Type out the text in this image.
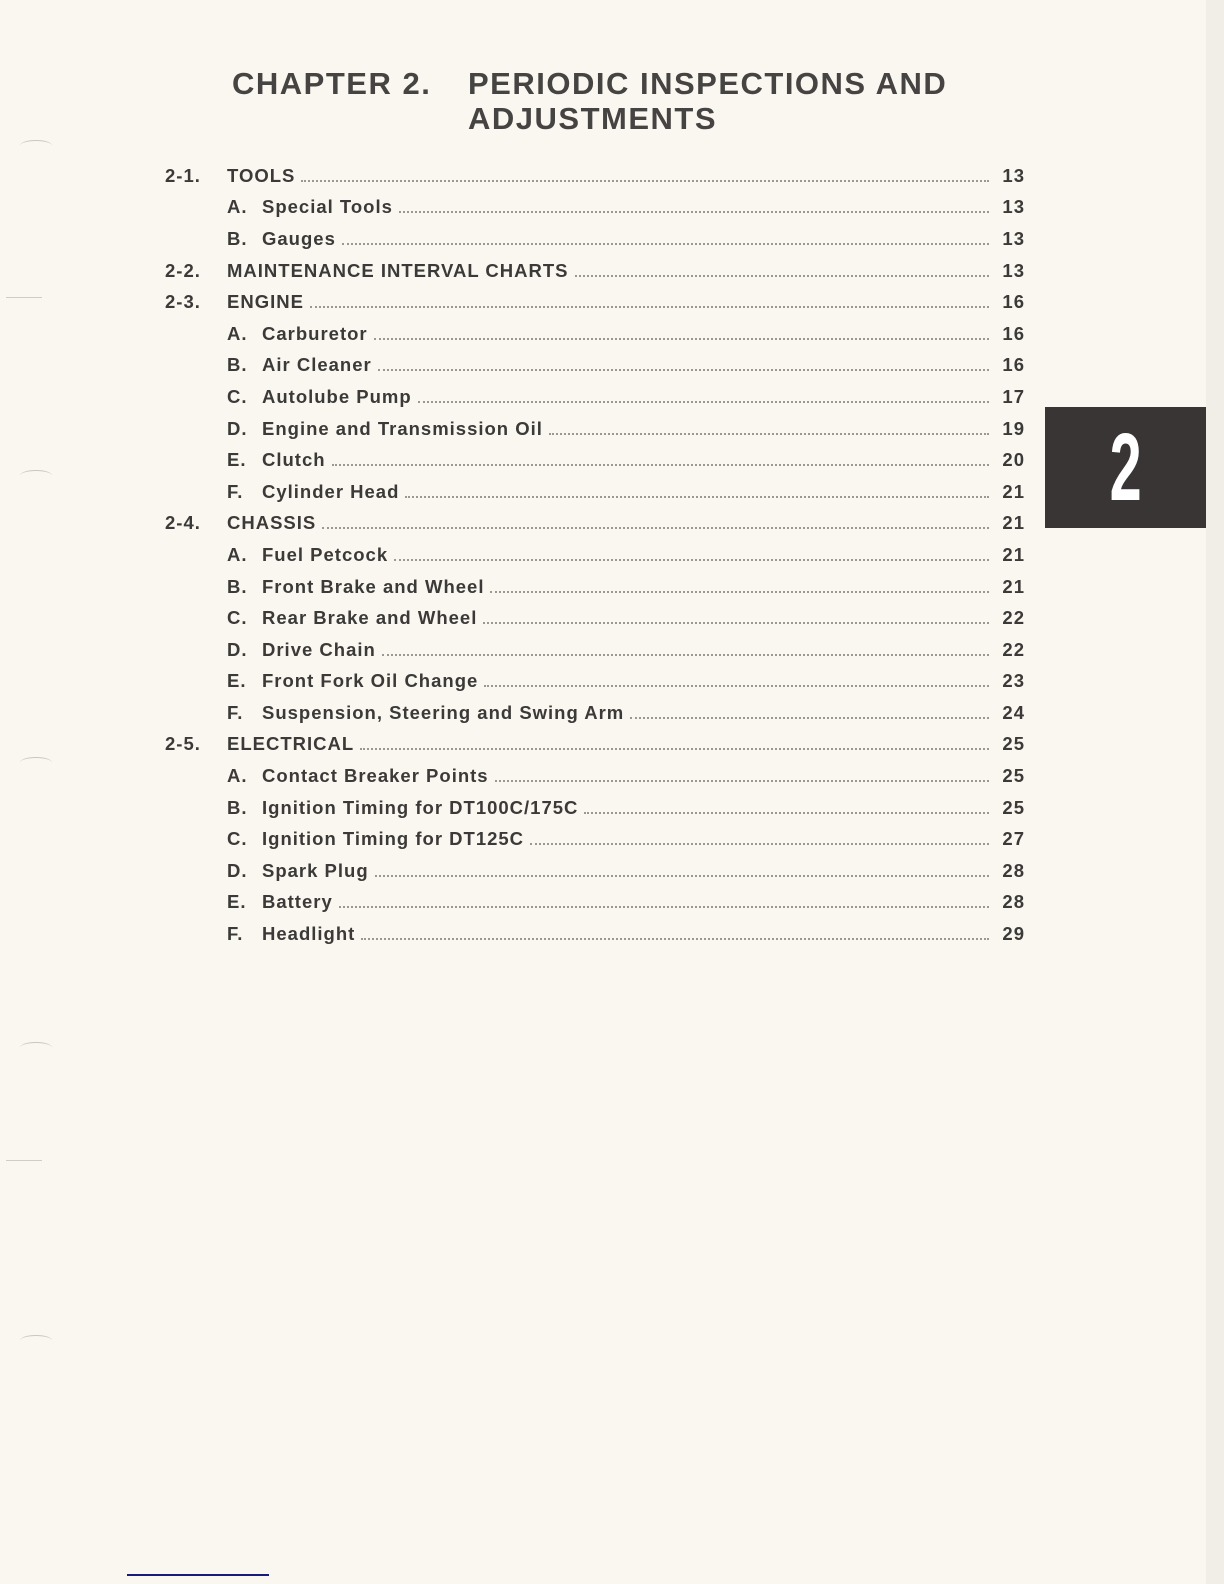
CHAPTER 2. PERIODIC INSPECTIONS AND
ADJUSTMENTS
2-1.	TOOLS	13
A. Special Tools	13
B. Gauges	13
2-2.	MAINTENANCE INTERVAL CHARTS	13
2-3.	ENGINE	16
A. Carburetor	16
B. Air Cleaner	16
C. Autolube Pump	17
D. Engine and Transmission Oil	19
E. Clutch	20
F.	Cylinder Head	21
2-4.	CHASSIS	21
A. Fuel Petcock	21
B. Front Brake and Wheel	21
C. Rear Brake and Wheel	22
D. Drive Chain	22
E. Front Fork Oil Change	23
F.	Suspension, Steering and Swing Arm	24
2-5.	ELECTRICAL	25
A. Contact Breaker Points	25
B. Ignition Timing for DT100C/175C	25
C. Ignition Timing for DT125C	27
D. Spark Plug	28
E. Battery	28
F.	Headlight	29
2
